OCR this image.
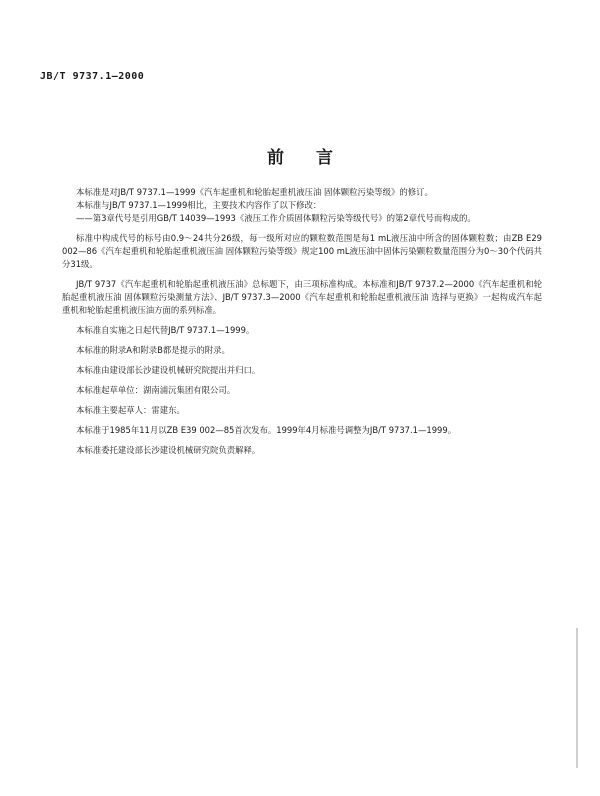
JB/T 9737.1—2000
前言

本标准是对JB/T 9737.1—1999《汽车起重机和轮胎起重机液压油 固体颗粒污染等级》的修订。

本标准与JB/T 9737.1—1999相比，主要技术内容作了以下修改：

——第3章代号是引用GB/T 14039—1993《液压工作介质固体颗粒污染等级代号》的第2章代号而构成的。

标准中构成代号的标号由0.9～24共分26级，每一级所对应的颗粒数范围是每1 mL液压油中所含的固体颗粒数；由ZB E29 002—86《汽车起重机和轮胎起重机液压油 固体颗粒污染等级》规定100 mL液压油中固体污染颗粒数量范围分为0～30个代码共分31级。

JB/T 9737《汽车起重机和轮胎起重机液压油》总标题下，由三项标准构成。本标准和JB/T 9737.2—2000《汽车起重机和轮胎起重机液压油 固体颗粒污染测量方法》、JB/T 9737.3—2000《汽车起重机和轮胎起重机液压油 选择与更换》一起构成汽车起重机和轮胎起重机液压油方面的系列标准。

本标准自实施之日起代替JB/T 9737.1—1999。

本标准的附录A和附录B都是提示的附录。

本标准由建设部长沙建设机械研究院提出并归口。

本标准起草单位：湖南浦沅集团有限公司。

本标准主要起草人：雷建东。

本标准于1985年11月以ZB E39 002—85首次发布。1999年4月标准号调整为JB/T 9737.1—1999。

本标准委托建设部长沙建设机械研究院负责解释。
